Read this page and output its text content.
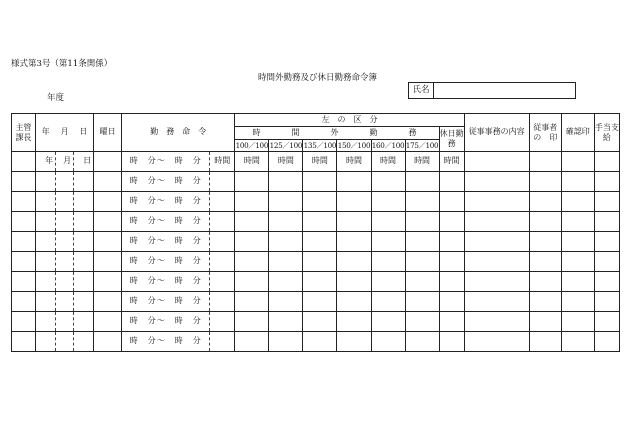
様式第3号（第11条関係）
時間外勤務及び休日勤務命令簿
年度
氏名
主管課長	年	月	日	曜日	勤　務　命　令		左　の　区　分							従事事務の内容	従事者の　印	確認印	手当支給
							時　　間　　外　　勤　　務						休日勤務				
							100／100	125／100	135／100	150／100	160／100	175／100					
	年	月	日		時　分〜　時　分	時間	時間	時間	時間	時間	時間	時間	時間				
					時　分〜　時　分												
					時　分〜　時　分												
					時　分〜　時　分												
					時　分〜　時　分												
					時　分〜　時　分												
					時　分〜　時　分												
					時　分〜　時　分												
					時　分〜　時　分												
					時　分〜　時　分												
